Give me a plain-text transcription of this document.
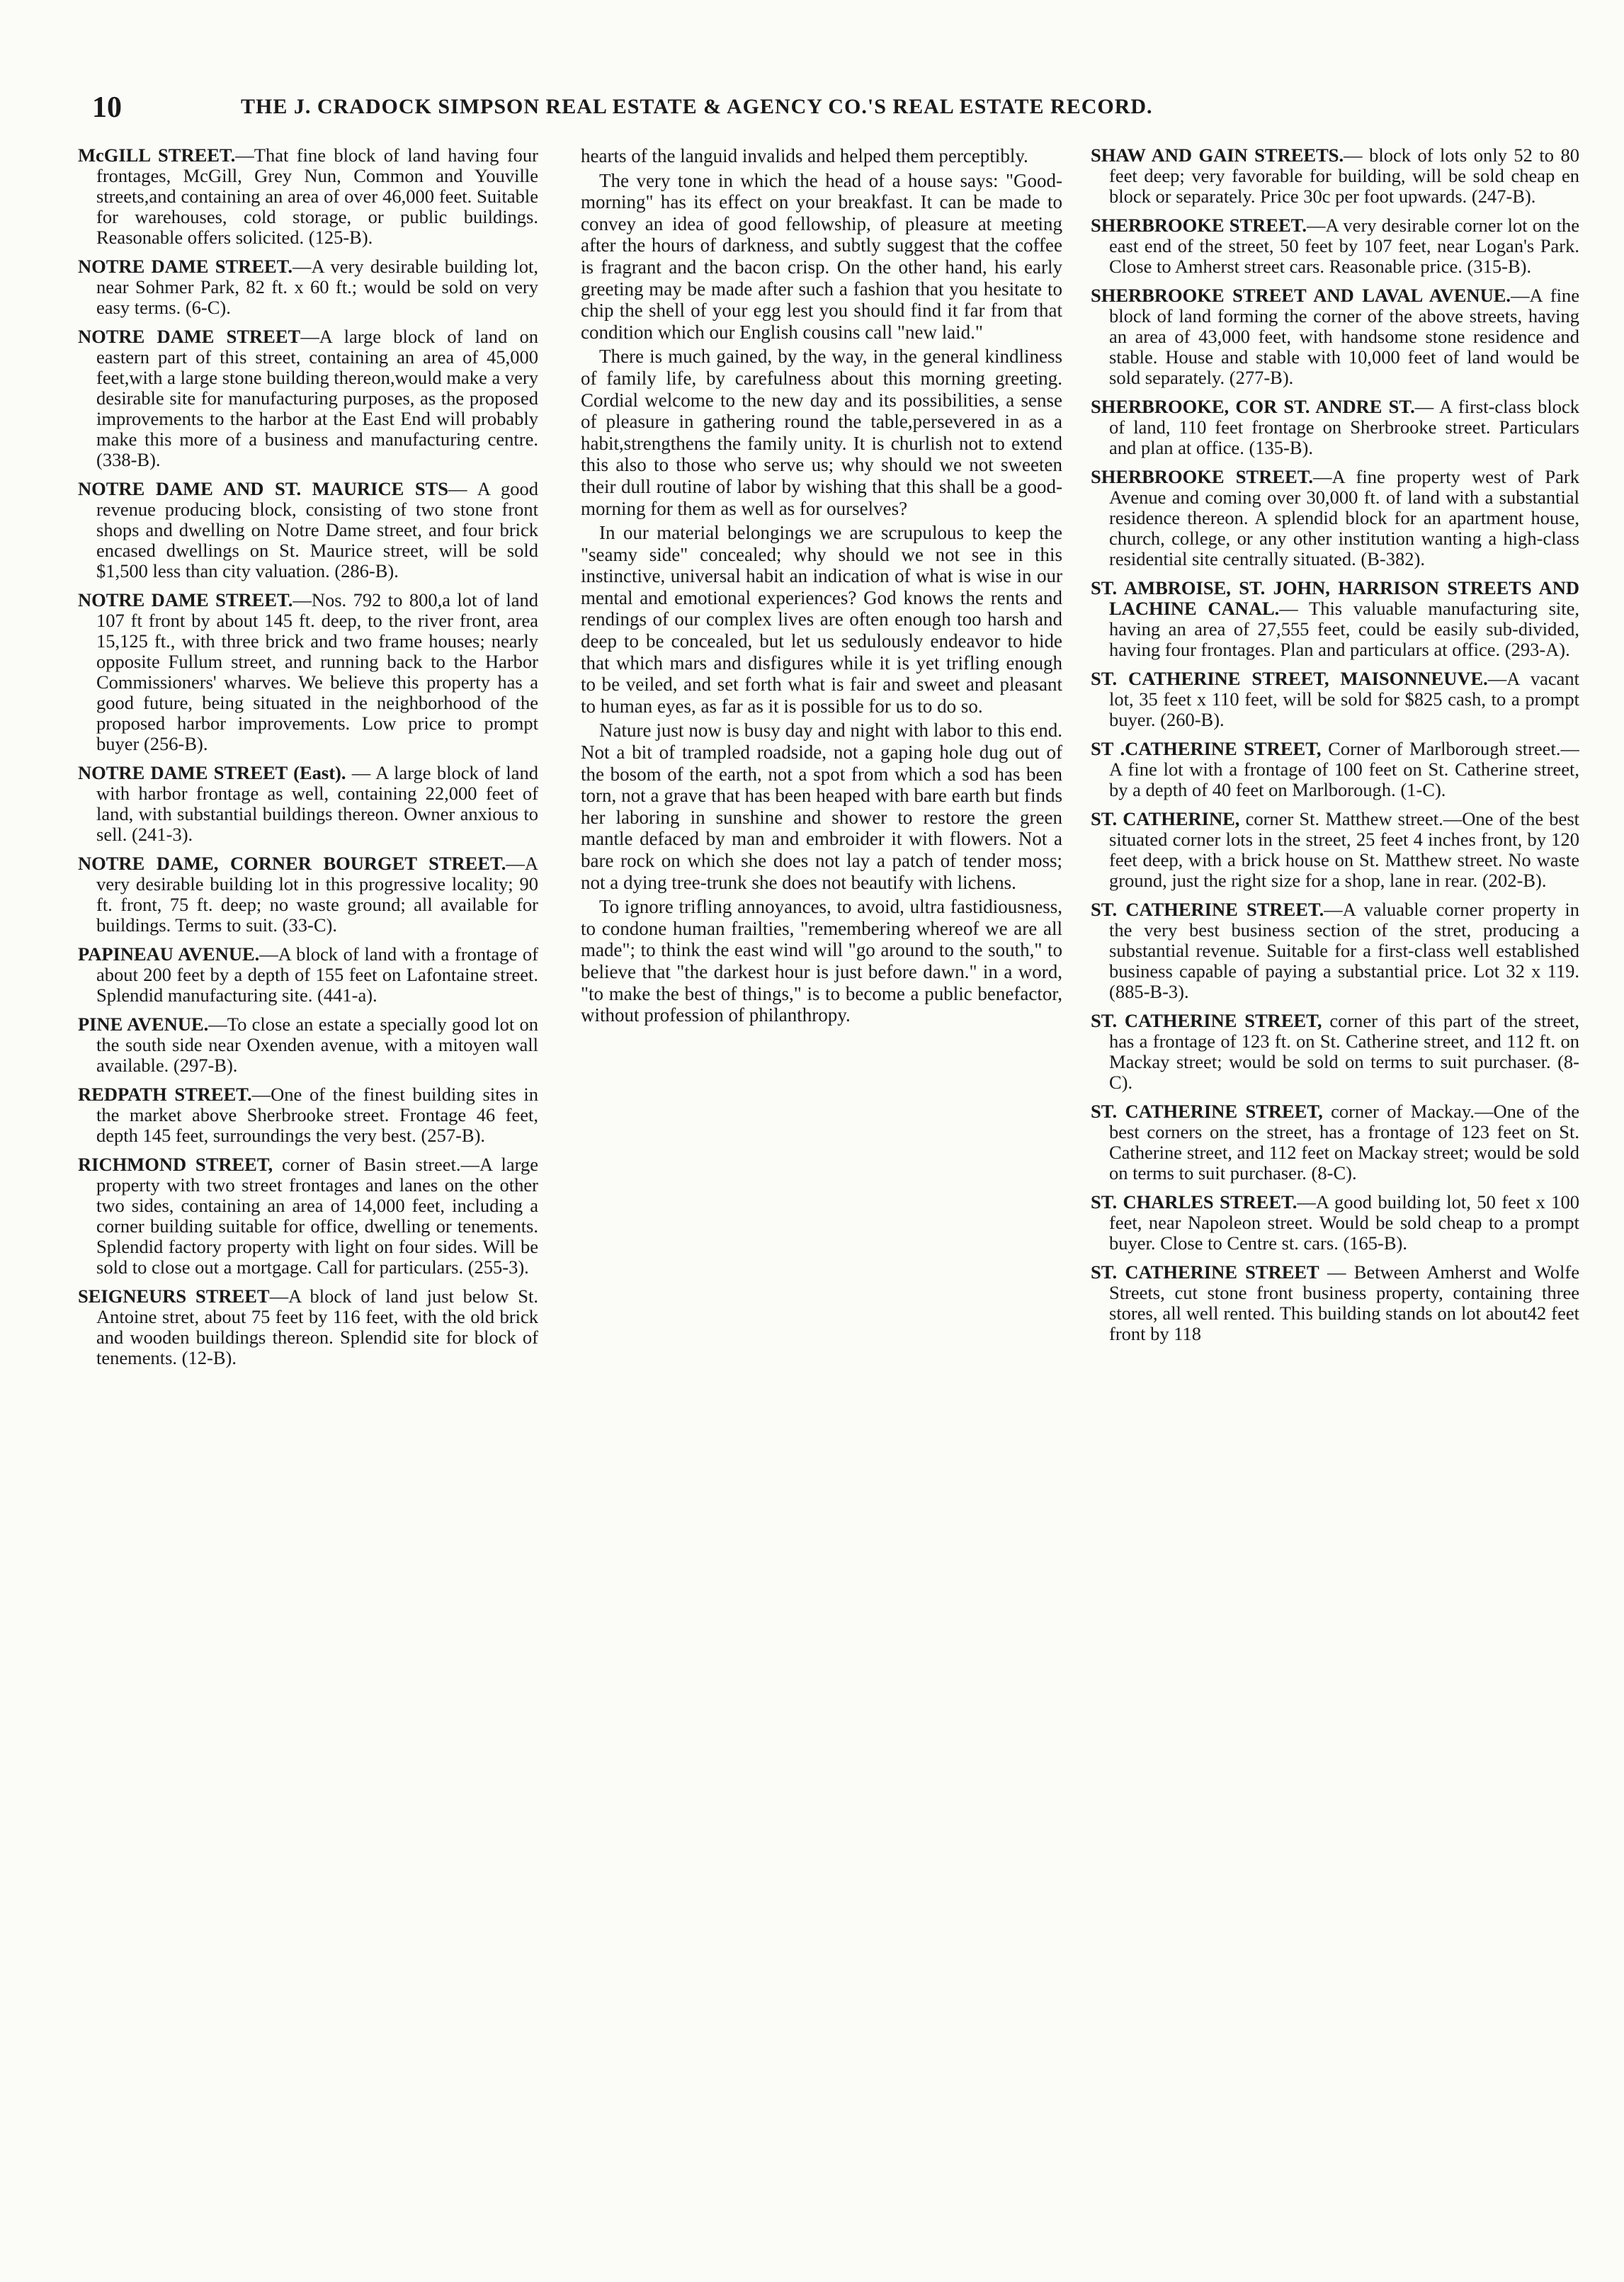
10	THE J. CRADOCK SIMPSON REAL ESTATE & AGENCY CO.'S REAL ESTATE RECORD.

McGILL STREET.—That fine block of land having four frontages, McGill, Grey Nun, Common and Youville streets,and containing an area of over 46,000 feet. Suitable for warehouses, cold storage, or public buildings. Reasonable offers solicited. (125-B).

NOTRE DAME STREET.—A very desirable building lot, near Sohmer Park, 82 ft. x 60 ft.; would be sold on very easy terms. (6-C).

NOTRE DAME STREET—A large block of land on eastern part of this street, containing an area of 45,000 feet,with a large stone building thereon,would make a very desirable site for manufacturing purposes, as the proposed improvements to the harbor at the East End will probably make this more of a business and manufacturing centre. (338-B).

NOTRE DAME AND ST. MAURICE STS— A good revenue producing block, consisting of two stone front shops and dwelling on Notre Dame street, and four brick encased dwellings on St. Maurice street, will be sold $1,500 less than city valuation. (286-B).

NOTRE DAME STREET.—Nos. 792 to 800,a lot of land 107 ft front by about 145 ft. deep, to the river front, area 15,125 ft., with three brick and two frame houses; nearly opposite Fullum street, and running back to the Harbor Commissioners' wharves. We believe this property has a good future, being situated in the neighborhood of the proposed harbor improvements. Low price to prompt buyer (256-B).

NOTRE DAME STREET (East). — A large block of land with harbor frontage as well, containing 22,000 feet of land, with substantial buildings thereon. Owner anxious to sell. (241-3).

NOTRE DAME, CORNER BOURGET STREET.—A very desirable building lot in this progressive locality; 90 ft. front, 75 ft. deep; no waste ground; all available for buildings. Terms to suit. (33-C).

PAPINEAU AVENUE.—A block of land with a frontage of about 200 feet by a depth of 155 feet on Lafontaine street. Splendid manufacturing site. (441-a).

PINE AVENUE.—To close an estate a specially good lot on the south side near Oxenden avenue, with a mitoyen wall available. (297-B).

REDPATH STREET.—One of the finest building sites in the market above Sherbrooke street. Frontage 46 feet, depth 145 feet, surroundings the very best. (257-B).

RICHMOND STREET, corner of Basin street.—A large property with two street frontages and lanes on the other two sides, containing an area of 14,000 feet, including a corner building suitable for office, dwelling or tenements. Splendid factory property with light on four sides. Will be sold to close out a mortgage. Call for particulars. (255-3).

SEIGNEURS STREET—A block of land just below St. Antoine stret, about 75 feet by 116 feet, with the old brick and wooden buildings thereon. Splendid site for block of tenements. (12-B).

hearts of the languid invalids and helped them perceptibly.

The very tone in which the head of a house says: "Good-morning" has its effect on your breakfast. It can be made to convey an idea of good fellowship, of pleasure at meeting after the hours of darkness, and subtly suggest that the coffee is fragrant and the bacon crisp. On the other hand, his early greeting may be made after such a fashion that you hesitate to chip the shell of your egg lest you should find it far from that condition which our English cousins call "new laid."

There is much gained, by the way, in the general kindliness of family life, by carefulness about this morning greeting. Cordial welcome to the new day and its possibilities, a sense of pleasure in gathering round the table,persevered in as a habit,strengthens the family unity. It is churlish not to extend this also to those who serve us; why should we not sweeten their dull routine of labor by wishing that this shall be a good-morning for them as well as for ourselves?

In our material belongings we are scrupulous to keep the "seamy side" concealed; why should we not see in this instinctive, universal habit an indication of what is wise in our mental and emotional experiences? God knows the rents and rendings of our complex lives are often enough too harsh and deep to be concealed, but let us sedulously endeavor to hide that which mars and disfigures while it is yet trifling enough to be veiled, and set forth what is fair and sweet and pleasant to human eyes, as far as it is possible for us to do so.

Nature just now is busy day and night with labor to this end. Not a bit of trampled roadside, not a gaping hole dug out of the bosom of the earth, not a spot from which a sod has been torn, not a grave that has been heaped with bare earth but finds her laboring in sunshine and shower to restore the green mantle defaced by man and embroider it with flowers. Not a bare rock on which she does not lay a patch of tender moss; not a dying tree-trunk she does not beautify with lichens.

To ignore trifling annoyances, to avoid, ultra fastidiousness, to condone human frailties, "remembering whereof we are all made"; to think the east wind will "go around to the south," to believe that "the darkest hour is just before dawn." in a word, "to make the best of things," is to become a public benefactor, without profession of philanthropy.

SHAW AND GAIN STREETS.— block of lots only 52 to 80 feet deep; very favorable for building, will be sold cheap en block or separately. Price 30c per foot upwards. (247-B).

SHERBROOKE STREET.—A very desirable corner lot on the east end of the street, 50 feet by 107 feet, near Logan's Park. Close to Amherst street cars. Reasonable price. (315-B).

SHERBROOKE STREET AND LAVAL AVENUE.—A fine block of land forming the corner of the above streets, having an area of 43,000 feet, with handsome stone residence and stable. House and stable with 10,000 feet of land would be sold separately. (277-B).

SHERBROOKE, COR ST. ANDRE ST.— A first-class block of land, 110 feet frontage on Sherbrooke street. Particulars and plan at office. (135-B).

SHERBROOKE STREET.—A fine property west of Park Avenue and coming over 30,000 ft. of land with a substantial residence thereon. A splendid block for an apartment house, church, college, or any other institution wanting a high-class residential site centrally situated. (B-382).

ST. AMBROISE, ST. JOHN, HARRISON STREETS AND LACHINE CANAL.— This valuable manufacturing site, having an area of 27,555 feet, could be easily sub-divided, having four frontages. Plan and particulars at office. (293-A).

ST. CATHERINE STREET, MAISONNEUVE.—A vacant lot, 35 feet x 110 feet, will be sold for $825 cash, to a prompt buyer. (260-B).

ST .CATHERINE STREET, Corner of Marlborough street.—A fine lot with a frontage of 100 feet on St. Catherine street, by a depth of 40 feet on Marlborough. (1-C).

ST. CATHERINE, corner St. Matthew street.—One of the best situated corner lots in the street, 25 feet 4 inches front, by 120 feet deep, with a brick house on St. Matthew street. No waste ground, just the right size for a shop, lane in rear. (202-B).

ST. CATHERINE STREET.—A valuable corner property in the very best business section of the stret, producing a substantial revenue. Suitable for a first-class well established business capable of paying a substantial price. Lot 32 x 119. (885-B-3).

ST. CATHERINE STREET, corner of this part of the street, has a frontage of 123 ft. on St. Catherine street, and 112 ft. on Mackay street; would be sold on terms to suit purchaser. (8-C).

ST. CATHERINE STREET, corner of Mackay.—One of the best corners on the street, has a frontage of 123 feet on St. Catherine street, and 112 feet on Mackay street; would be sold on terms to suit purchaser. (8-C).

ST. CHARLES STREET.—A good building lot, 50 feet x 100 feet, near Napoleon street. Would be sold cheap to a prompt buyer. Close to Centre st. cars. (165-B).

ST. CATHERINE STREET — Between Amherst and Wolfe Streets, cut stone front business property, containing three stores, all well rented. This building stands on lot about42 feet front by 118
